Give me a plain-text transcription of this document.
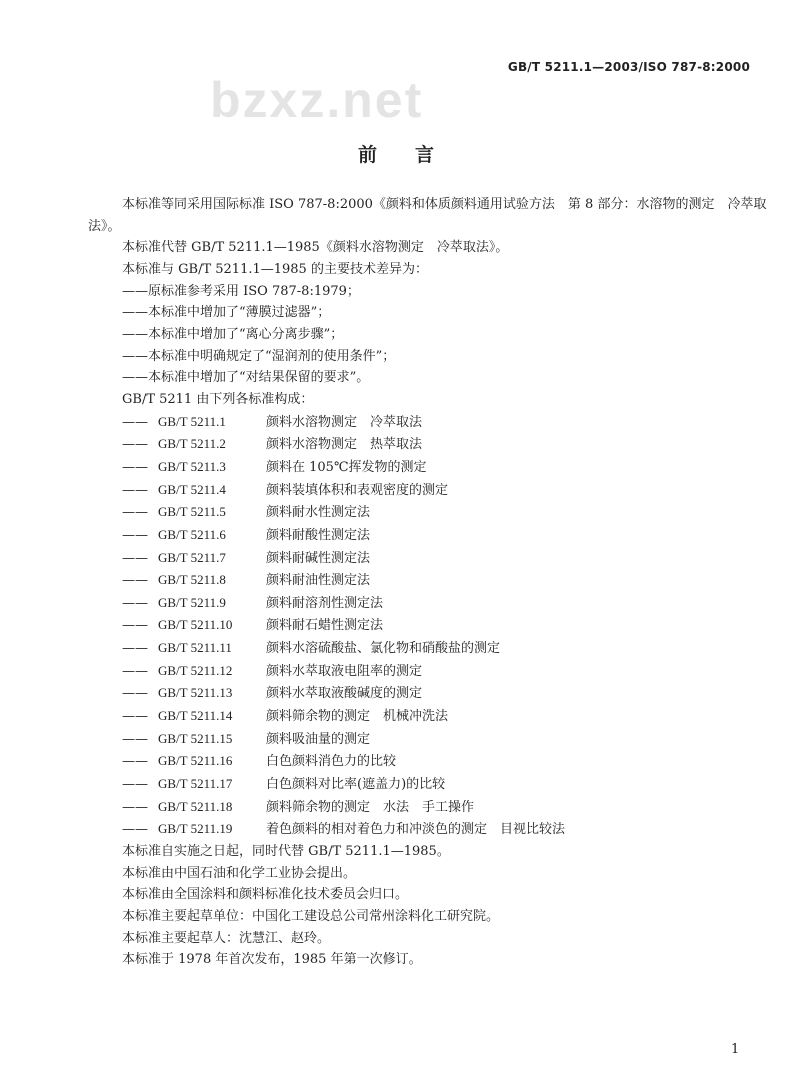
GB/T 5211.1—2003/ISO 787-8:2000
bzxz.net
前言

本标准等同采用国际标准 ISO 787-8:2000《颜料和体质颜料通用试验方法　第 8 部分：水溶物的测定　冷萃取法》。

本标准代替 GB/T 5211.1—1985《颜料水溶物测定　冷萃取法》。

本标准与 GB/T 5211.1—1985 的主要技术差异为：

——原标准参考采用 ISO 787-8:1979；

——本标准中增加了“薄膜过滤器”；

——本标准中增加了“离心分离步骤”；

——本标准中明确规定了“湿润剂的使用条件”；

——本标准中增加了“对结果保留的要求”。

GB/T 5211 由下列各标准构成：

—— GB/T 5211.1	颜料水溶物测定　冷萃取法
—— GB/T 5211.2	颜料水溶物测定　热萃取法
—— GB/T 5211.3	颜料在 105℃挥发物的测定
—— GB/T 5211.4	颜料装填体积和表观密度的测定
—— GB/T 5211.5	颜料耐水性测定法
—— GB/T 5211.6	颜料耐酸性测定法
—— GB/T 5211.7	颜料耐碱性测定法
—— GB/T 5211.8	颜料耐油性测定法
—— GB/T 5211.9	颜料耐溶剂性测定法
—— GB/T 5211.10	颜料耐石蜡性测定法
—— GB/T 5211.11	颜料水溶硫酸盐、氯化物和硝酸盐的测定
—— GB/T 5211.12	颜料水萃取液电阻率的测定
—— GB/T 5211.13	颜料水萃取液酸碱度的测定
—— GB/T 5211.14	颜料筛余物的测定　机械冲洗法
—— GB/T 5211.15	颜料吸油量的测定
—— GB/T 5211.16	白色颜料消色力的比较
—— GB/T 5211.17	白色颜料对比率(遮盖力)的比较
—— GB/T 5211.18	颜料筛余物的测定　水法　手工操作
—— GB/T 5211.19	着色颜料的相对着色力和冲淡色的测定　目视比较法

本标准自实施之日起，同时代替 GB/T 5211.1—1985。

本标准由中国石油和化学工业协会提出。

本标准由全国涂料和颜料标准化技术委员会归口。

本标准主要起草单位：中国化工建设总公司常州涂料化工研究院。

本标准主要起草人：沈慧江、赵玲。

本标准于 1978 年首次发布，1985 年第一次修订。

1
